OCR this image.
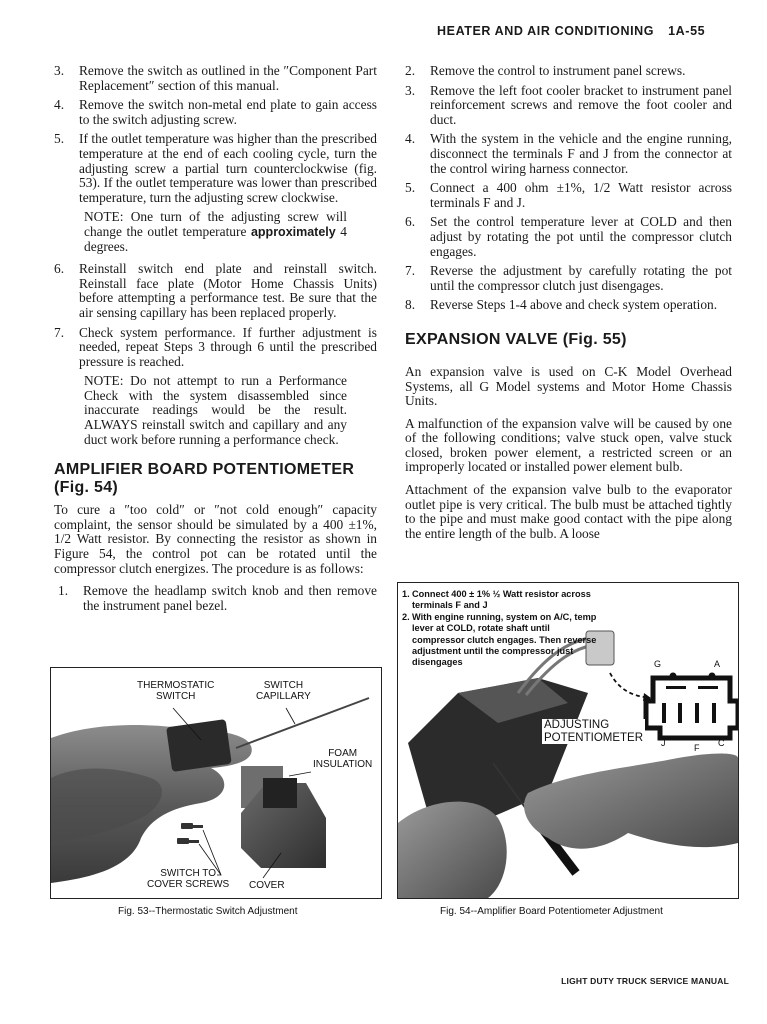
HEATER AND AIR CONDITIONING 1A-55
3.	Remove the switch as outlined in the ″Component Part Replacement″ section of this manual.
4.	Remove the switch non-metal end plate to gain access to the switch adjusting screw.
5.	If the outlet temperature was higher than the prescribed temperature at the end of each cooling cycle, turn the adjusting screw a partial turn counterclockwise (fig. 53). If the outlet temperature was lower than prescribed temperature, turn the adjusting screw clockwise.
NOTE: One turn of the adjusting screw will change the outlet temperature approximately 4 degrees.
6.	Reinstall switch end plate and reinstall switch. Reinstall face plate (Motor Home Chassis Units) before attempting a performance test. Be sure that the air sensing capillary has been replaced properly.
7.	Check system performance. If further adjustment is needed, repeat Steps 3 through 6 until the prescribed pressure is reached.
NOTE: Do not attempt to run a Performance Check with the system disassembled since inaccurate readings would be the result. ALWAYS reinstall switch and capillary and any duct work before running a performance check.
AMPLIFIER BOARD POTENTIOMETER (Fig. 54)

To cure a ″too cold″ or ″not cold enough″ capacity complaint, the sensor should be simulated by a 400 ±1%, 1/2 Watt resistor. By connecting the resistor as shown in Figure 54, the control pot can be rotated until the compressor clutch energizes. The procedure is as follows:

1.	Remove the headlamp switch knob and then remove the instrument panel bezel.
2.	Remove the control to instrument panel screws.
3.	Remove the left foot cooler bracket to instrument panel reinforcement screws and remove the foot cooler and duct.
4.	With the system in the vehicle and the engine running, disconnect the terminals F and J from the connector at the control wiring harness connector.
5.	Connect a 400 ohm ±1%, 1/2 Watt resistor across terminals F and J.
6.	Set the control temperature lever at COLD and then adjust by rotating the pot until the compressor clutch engages.
7.	Reverse the adjustment by carefully rotating the pot until the compressor clutch just disengages.
8.	Reverse Steps 1-4 above and check system operation.
EXPANSION VALVE (Fig. 55)

An expansion valve is used on C-K Model Overhead Systems, all G Model systems and Motor Home Chassis Units.

A malfunction of the expansion valve will be caused by one of the following conditions; valve stuck open, valve stuck closed, broken power element, a restricted screen or an improperly located or installed power element bulb.

Attachment of the expansion valve bulb to the evaporator outlet pipe is very critical. The bulb must be attached tightly to the pipe and must make good contact with the pipe along the entire length of the bulb. A loose

THERMOSTATIC
SWITCH
SWITCH
CAPILLARY
FOAM
INSULATION
SWITCH TO
COVER SCREWS COVER
Fig. 53--Thermostatic Switch Adjustment
1. Connect 400 ± 1% ½ Watt resistor across terminals F and J
2. With engine running, system on A/C, temp lever at COLD, rotate shaft until compressor clutch engages. Then reverse adjustment until the compressor just disengages
ADJUSTING
POTENTIOMETER
G	A
J	F C
Fig. 54--Amplifier Board Potentiometer Adjustment
LIGHT DUTY TRUCK SERVICE MANUAL
